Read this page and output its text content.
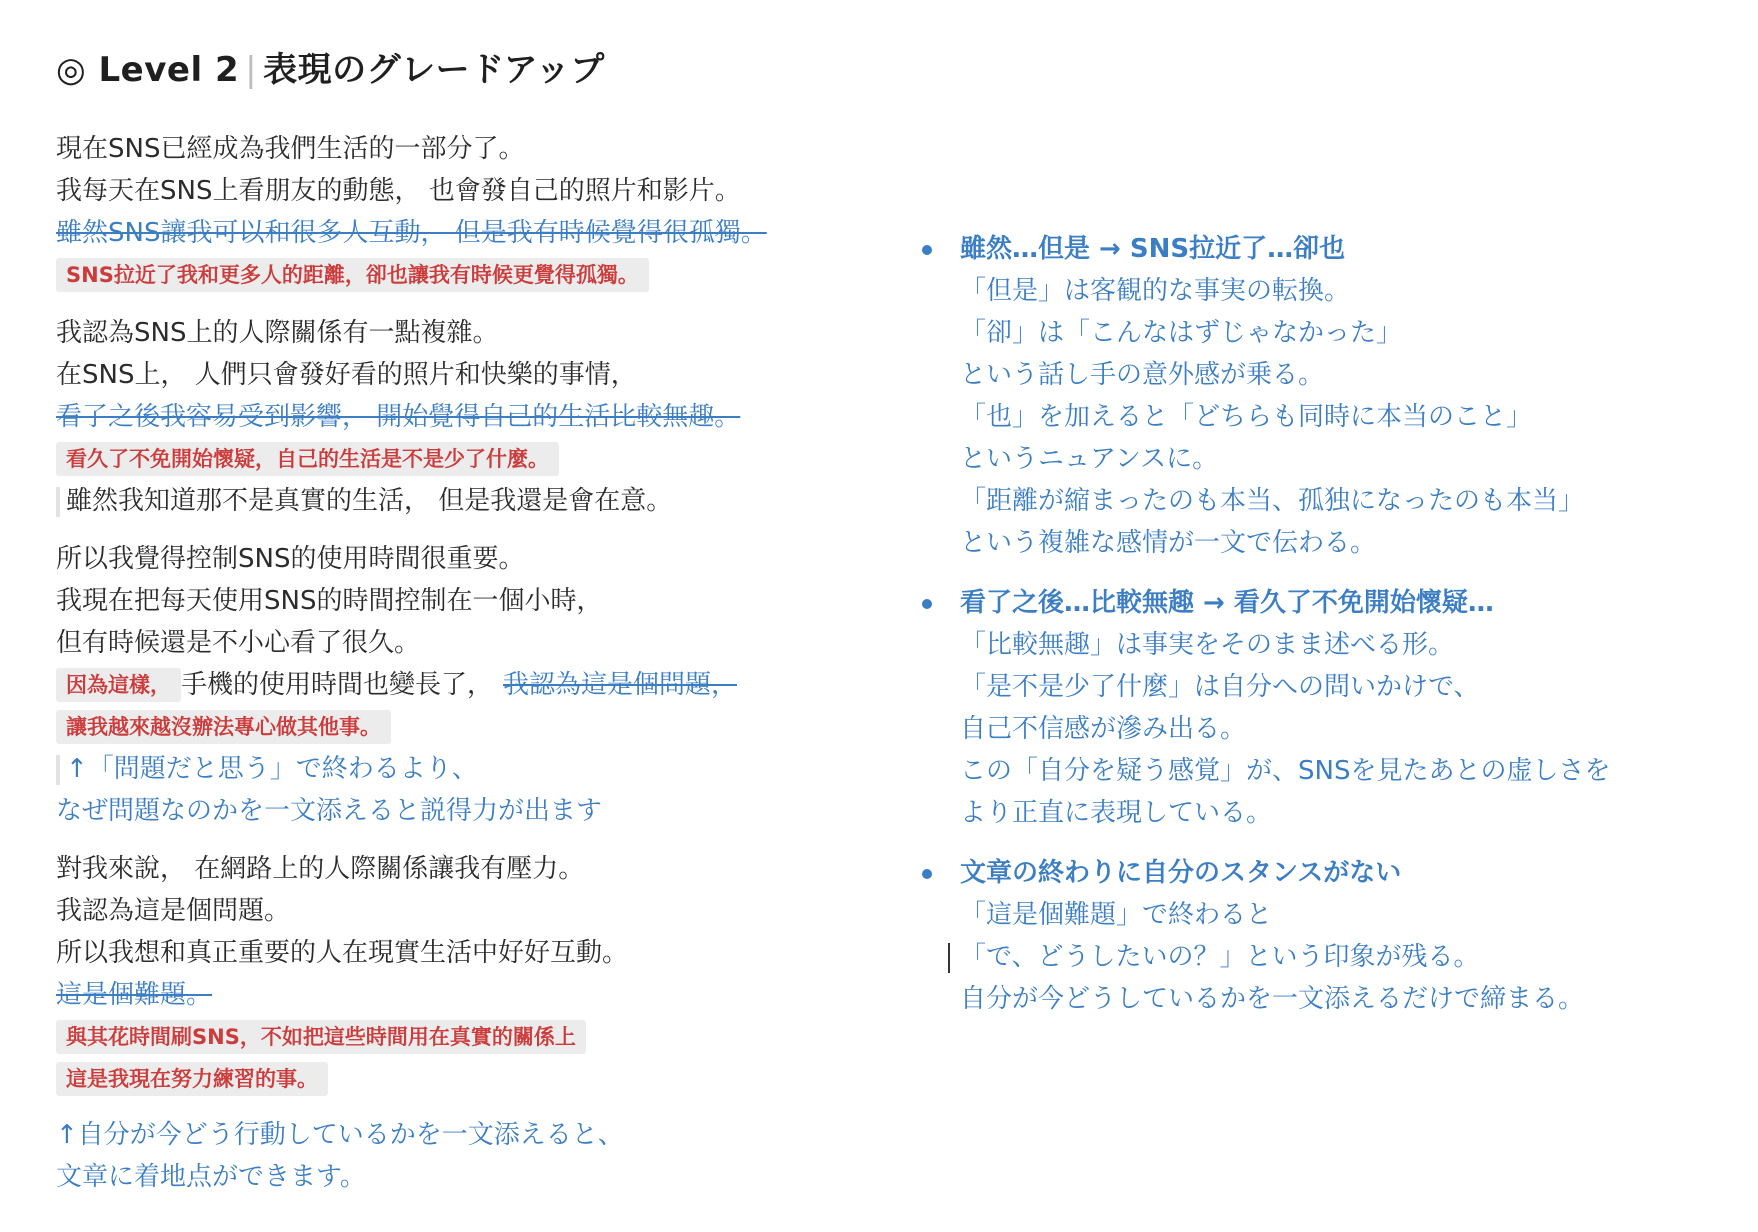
◎ Level 2 | 表現のグレードアップ
現在SNS已經成為我們生活的一部分了。
我每天在SNS上看朋友的動態， 也會發自己的照片和影片。
雖然SNS讓我可以和很多人互動， 但是我有時候覺得很孤獨。
SNS拉近了我和更多人的距離，卻也讓我有時候更覺得孤獨。
我認為SNS上的人際關係有一點複雜。
在SNS上， 人們只會發好看的照片和快樂的事情，
看了之後我容易受到影響， 開始覺得自己的生活比較無趣。
看久了不免開始懷疑，自己的生活是不是少了什麼。
雖然我知道那不是真實的生活， 但是我還是會在意。
所以我覺得控制SNS的使用時間很重要。
我現在把每天使用SNS的時間控制在一個小時，
但有時候還是不小心看了很久。
因為這樣， 手機的使用時間也變長了， 我認為這是個問題，
讓我越來越沒辦法專心做其他事。
↑「問題だと思う」で終わるより、
なぜ問題なのかを一文添えると説得力が出ます
對我來說， 在網路上的人際關係讓我有壓力。
我認為這是個問題。
所以我想和真正重要的人在現實生活中好好互動。
這是個難題。
與其花時間刷SNS，不如把這些時間用在真實的關係上
這是我現在努力練習的事。
↑自分が今どう行動しているかを一文添えると、
文章に着地点ができます。
雖然…但是 → SNS拉近了…卻也
「但是」は客観的な事実の転換。
「卻」は「こんなはずじゃなかった」
という話し手の意外感が乗る。
「也」を加えると「どちらも同時に本当のこと」
というニュアンスに。
「距離が縮まったのも本当、孤独になったのも本当」
という複雑な感情が一文で伝わる。
看了之後…比較無趣 → 看久了不免開始懷疑…
「比較無趣」は事実をそのまま述べる形。
「是不是少了什麼」は自分への問いかけで、
自己不信感が滲み出る。
この「自分を疑う感覚」が、SNSを見たあとの虚しさを
より正直に表現している。
文章の終わりに自分のスタンスがない
「這是個難題」で終わると
「で、どうしたいの？」という印象が残る。
自分が今どうしているかを一文添えるだけで締まる。
